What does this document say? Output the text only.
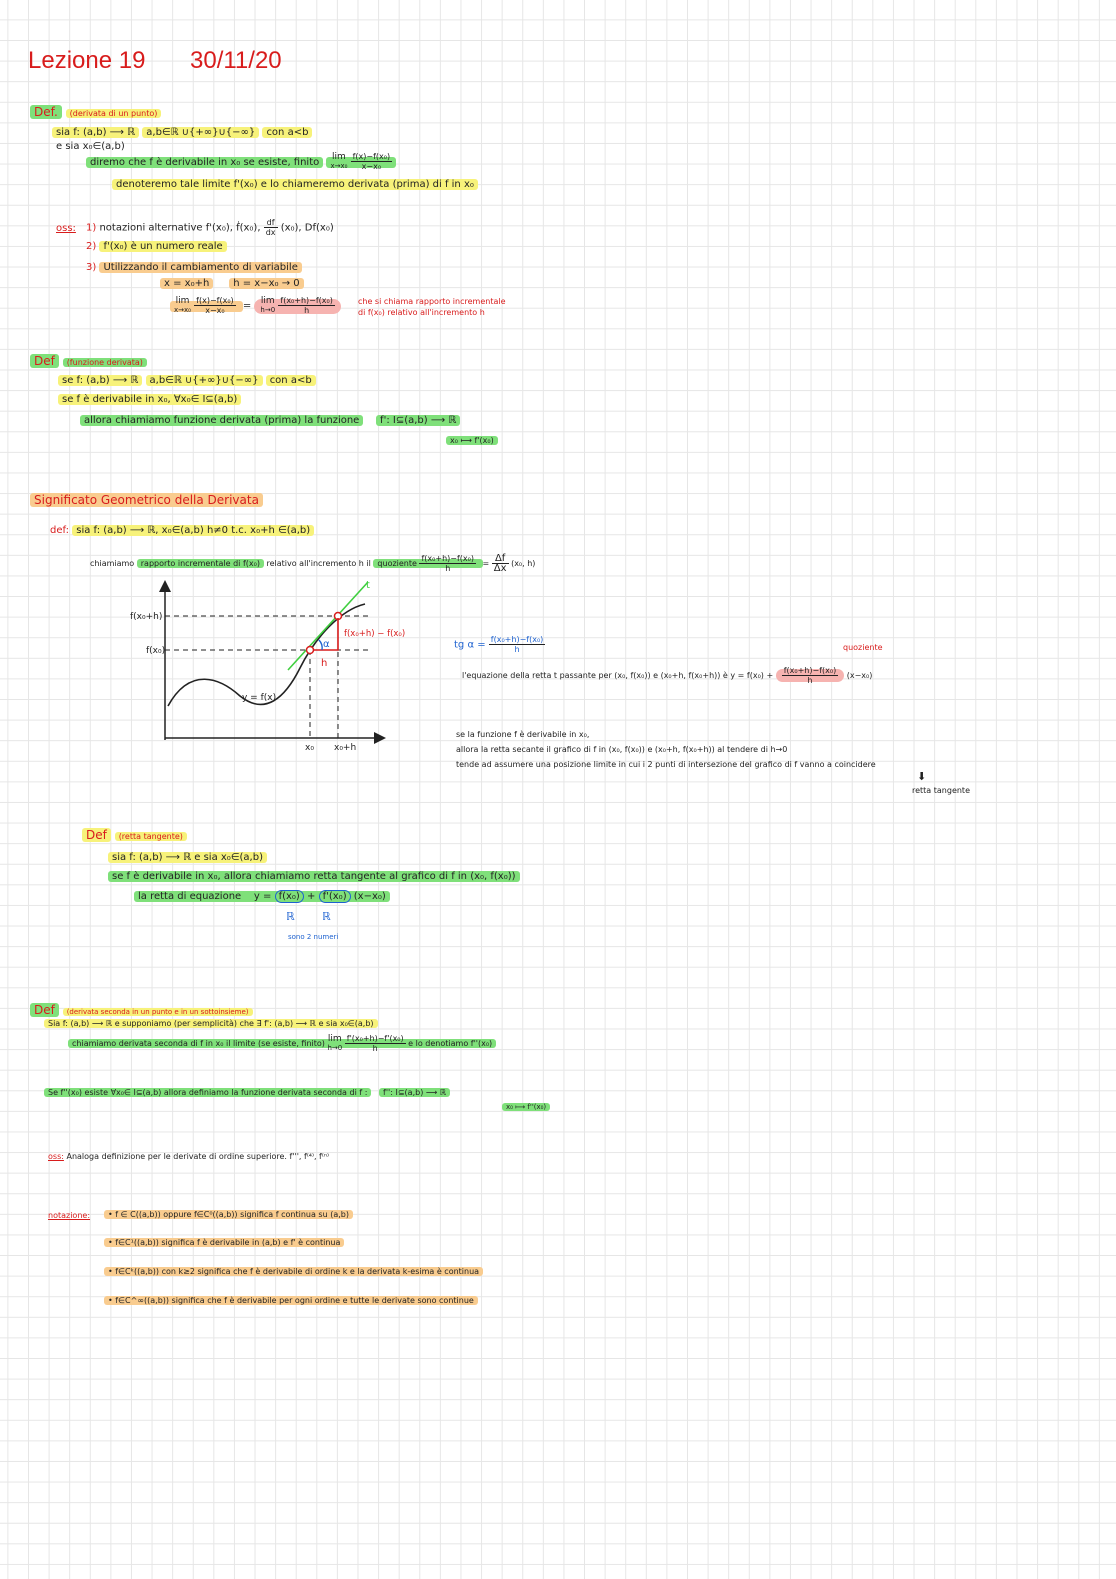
Lezione 19 30/11/20
Def. (derivata di un punto)
sia f: (a,b) ⟶ ℝ a,b∈ℝ ∪{+∞}∪{−∞} con a<b
e sia x₀∈(a,b)
diremo che f è derivabile in x₀ se esiste, finito lim
x→x₀
$\frac{\text{f(x)−f(x₀)}}{\text{x−x₀}}$
denoteremo tale limite f'(x₀) e lo chiameremo derivata (prima) di f in x₀
oss: 1) notazioni alternative f'(x₀), ḟ(x₀), $\frac{df}{dx} (x_0)$, Df(x₀)
2) f'(x₀) è un numero reale
3) Utilizzando il cambiamento di variabile
x = x₀+h h = x−x₀ → 0
lim
x→x₀
$\frac{\text{f(x)−f(x₀)}}{\text{x−x₀}} = \lim$
h→0
$\frac{\text{f(x₀+h)−f(x₀)}}{h}$	che si chiama rapporto incrementale
di f(x₀) relativo all'incremento h
Def (funzione derivata)
se f: (a,b) ⟶ ℝ a,b∈ℝ ∪{+∞}∪{−∞} con a<b
se f è derivabile in x₀, ∀x₀∈ I⊆(a,b)
allora chiamiamo funzione derivata (prima) la funzione f': I⊆(a,b) ⟶ ℝ
x₀ ⟼ f'(x₀)
Significato Geometrico della Derivata
def: sia f: (a,b) ⟶ ℝ, x₀∈(a,b) h≠0 t.c. x₀+h ∈(a,b)
chiamiamo rapporto incrementale di f(x₀) relativo all'incremento h il quoziente $\frac{\text{f(x₀+h)−f(x₀)}}{h} = \frac{\Delta f}{\Delta x} (x_0$, h)
f(x₀+h)
f(x₀)
y = f(x)
x₀ x₀+h
t
α
h
f(x₀+h) − f(x₀)
tg $\alpha = \frac{\text{f(x₀+h)−f(x₀)}}{h}$	quoziente
l'equazione della retta t passante per (x₀, f(x₀)) e (x₀+h, f(x₀+h)) è $y = f(x_0) + \frac{\text{f(x₀+h)−f(x₀)}}{h} (x-x_0)$
se la funzione f è derivabile in x₀,
allora la retta secante il grafico di f in (x₀, f(x₀)) e (x₀+h, f(x₀+h)) al tendere di h→0
tende ad assumere una posizione limite in cui i 2 punti di intersezione del grafico di f vanno a coincidere
⬇
retta tangente
Def (retta tangente)
sia f: (a,b) ⟶ ℝ e sia x₀∈(a,b)
se f è derivabile in x₀, allora chiamiamo retta tangente al grafico di f in (x₀, f(x₀))
la retta di equazione y = f(x₀) + f'(x₀) (x−x₀)
ℝ ℝ
sono 2 numeri
Def (derivata seconda in un punto e in un sottoinsieme)
Sia f: (a,b) ⟶ ℝ e supponiamo (per semplicità) che ∃ f': (a,b) ⟶ ℝ e sia x₀∈(a,b)
chiamiamo derivata seconda di f in x₀ il limite (se esiste, finito) lim
h→0
$\frac{\text{f'(x₀+h)−f'(x₀)}}{h}$ e lo denotiamo f''(x₀)
Se f''(x₀) esiste ∀x₀∈ I⊆(a,b) allora definiamo la funzione derivata seconda di f : f'': I⊆(a,b) ⟶ ℝ
x₀ ⟼ f''(x₀)
oss: Analoga definizione per le derivate di ordine superiore. f''', f⁽⁴⁾, f⁽ⁿ⁾
notazione:	• f ∈ C((a,b)) oppure f∈C⁰((a,b)) significa f continua su (a,b)
• f∈C¹((a,b)) significa f è derivabile in (a,b) e f' è continua
• f∈Cᵏ((a,b)) con k≥2 significa che f è derivabile di ordine k e la derivata k-esima è continua
• f∈C^∞((a,b)) significa che f è derivabile per ogni ordine e tutte le derivate sono continue
